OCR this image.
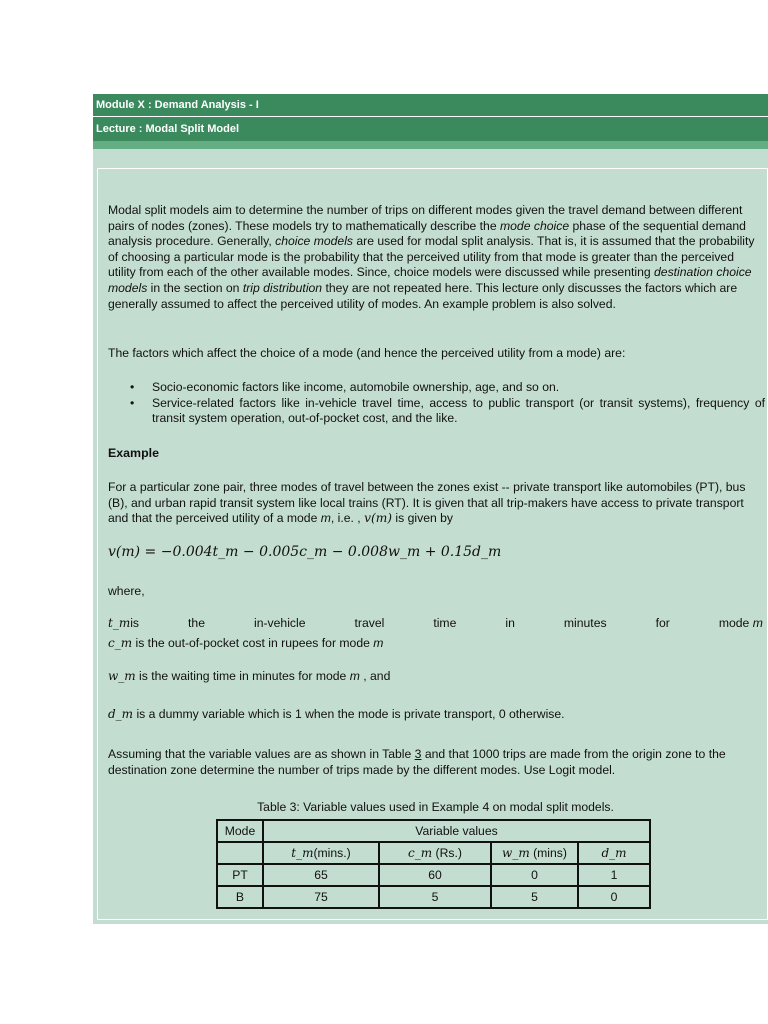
Module X : Demand Analysis - I
Lecture : Modal Split Model

Modal split models aim to determine the number of trips on different modes given the travel demand between different pairs of nodes (zones). These models try to mathematically describe the mode choice phase of the sequential demand analysis procedure. Generally, choice models are used for modal split analysis. That is, it is assumed that the probability of choosing a particular mode is the probability that the perceived utility from that mode is greater than the perceived utility from each of the other available modes. Since, choice models were discussed while presenting destination choice models in the section on trip distribution they are not repeated here. This lecture only discusses the factors which are generally assumed to affect the perceived utility of modes. An example problem is also solved.

The factors which affect the choice of a mode (and hence the perceived utility from a mode) are:

• Socio-economic factors like income, automobile ownership, age, and so on.
• Service-related factors like in-vehicle travel time, access to public transport (or transit systems), frequency of transit system operation, out-of-pocket cost, and the like.
Example

For a particular zone pair, three modes of travel between the zones exist -- private transport like automobiles (PT), bus (B), and urban rapid transit system like local trains (RT). It is given that all trip-makers have access to private transport and that the perceived utility of a mode m, i.e. , v(m) is given by

v(m) = −0.004t_m − 0.005c_m − 0.008w_m + 0.15d_m
where,
t_mis	the	in-vehicle	travel	time	in	minutes	for	mode m
c_m is the out-of-pocket cost in rupees for mode m
w_m is the waiting time in minutes for mode m , and
d_m is a dummy variable which is 1 when the mode is private transport, 0 otherwise.

Assuming that the variable values are as shown in Table 3 and that 1000 trips are made from the origin zone to the destination zone determine the number of trips made by the different modes. Use Logit model.

Table 3: Variable values used in Example 4 on modal split models.
Mode	Variable values			
	t_m(mins.)	c_m (Rs.)	w_m (mins)	d_m
PT	65	60	0	1
B	75	5	5	0
